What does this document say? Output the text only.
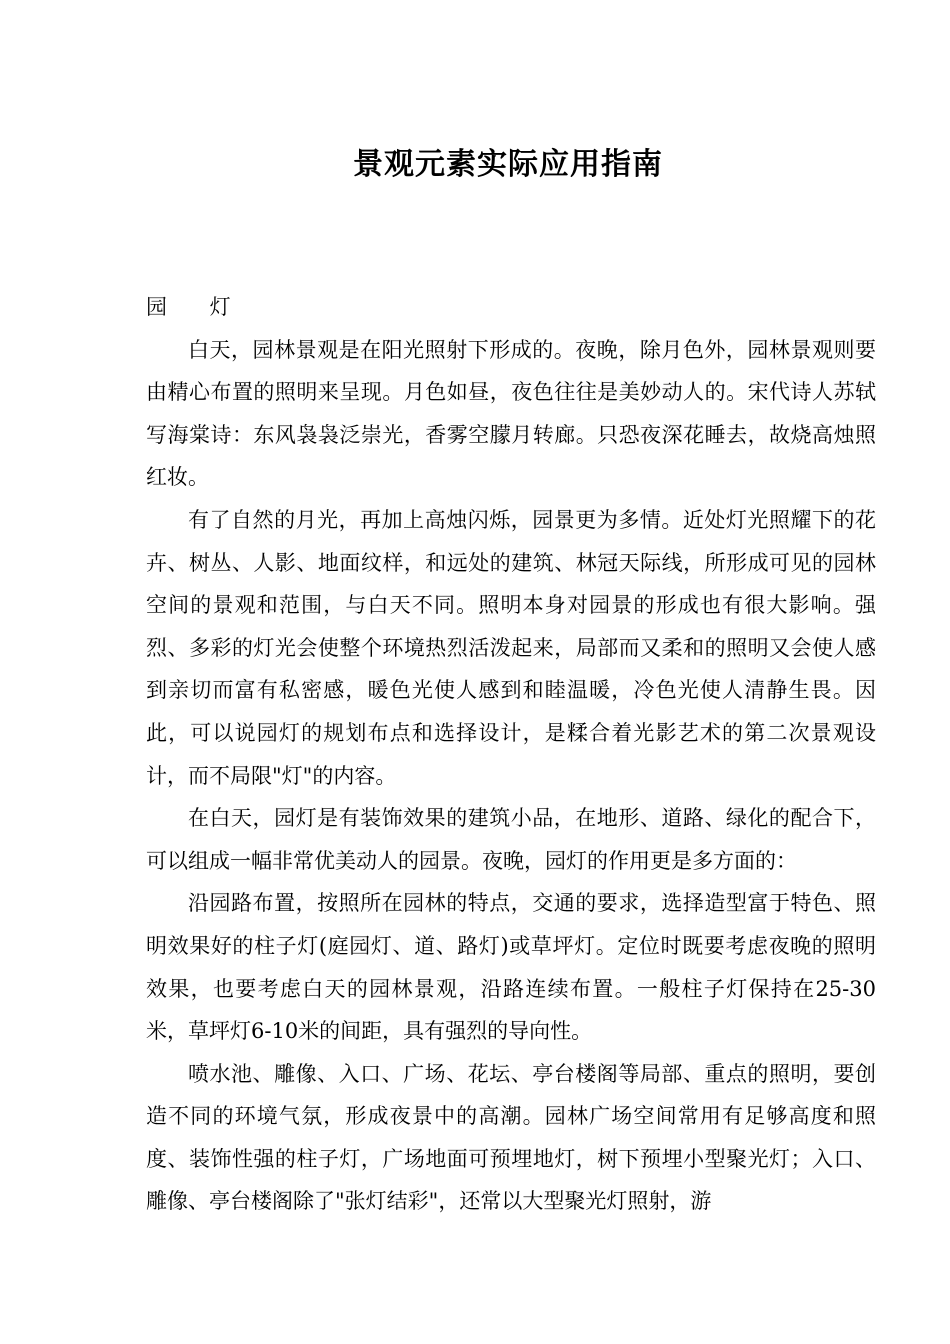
景观元素实际应用指南
园 灯

白天，园林景观是在阳光照射下形成的。夜晚，除月色外，园林景观则要由精心布置的照明来呈现。月色如昼，夜色往往是美妙动人的。宋代诗人苏轼写海棠诗：东风袅袅泛崇光，香雾空朦月转廊。只恐夜深花睡去，故烧高烛照红妆。

有了自然的月光，再加上高烛闪烁，园景更为多情。近处灯光照耀下的花卉、树丛、人影、地面纹样，和远处的建筑、林冠天际线，所形成可见的园林空间的景观和范围，与白天不同。照明本身对园景的形成也有很大影响。强烈、多彩的灯光会使整个环境热烈活泼起来，局部而又柔和的照明又会使人感到亲切而富有私密感，暖色光使人感到和睦温暖，冷色光使人清静生畏。因此，可以说园灯的规划布点和选择设计，是糅合着光影艺术的第二次景观设计，而不局限"灯"的内容。

在白天，园灯是有装饰效果的建筑小品，在地形、道路、绿化的配合下，可以组成一幅非常优美动人的园景。夜晚，园灯的作用更是多方面的：

沿园路布置，按照所在园林的特点，交通的要求，选择造型富于特色、照明效果好的柱子灯(庭园灯、道、路灯)或草坪灯。定位时既要考虑夜晚的照明效果，也要考虑白天的园林景观，沿路连续布置。一般柱子灯保持在25-30米，草坪灯6-10米的间距，具有强烈的导向性。

喷水池、雕像、入口、广场、花坛、亭台楼阁等局部、重点的照明，要创造不同的环境气氛，形成夜景中的高潮。园林广场空间常用有足够高度和照度、装饰性强的柱子灯，广场地面可预埋地灯，树下预埋小型聚光灯；入口、雕像、亭台楼阁除了"张灯结彩"，还常以大型聚光灯照射，游
